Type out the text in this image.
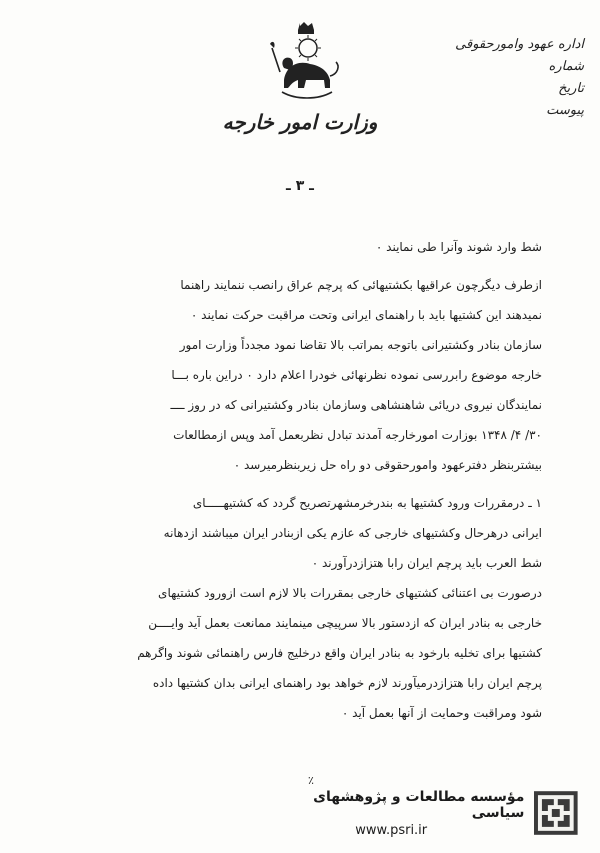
وزارت امور خارجه
اداره عهود وامورحقوقی
شماره
تاریخ
پیوست
ـ ۳ ـ
شط وارد شوند وآنرا طی نمایند ۰
ازطرف دیگرچون عراقیها بکشتیهائی که پرچم عراق رانصب ننمایند راهنما
نمیدهند این کشتیها باید با راهنمای ایرانی وتحت مراقبت حرکت نمایند ۰
سازمان بنادر وکشتیرانی باتوجه بمراتب بالا تقاضا نمود مجدداً وزارت امور
خارجه موضوع رابررسی نموده نظرنهائی خودرا اعلام دارد ۰ دراین باره بـــا
نمایندگان نیروی دریائی شاهنشاهی وسازمان بنادر وکشتیرانی که در روز ــــ
۳۰/ ۴/ ۱۳۴۸ بوزارت امورخارجه آمدند تبادل نظربعمل آمد وپس ازمطالعات
بیشتربنظر دفترعهود وامورحقوقی دو راه حل زیربنظرمیرسد ۰
۱ ـ درمقررات ورود کشتیها به بندرخرمشهرتصریح گردد که کشتیهـــــای
ایرانی درهرحال وکشتیهای خارجی که عازم یکی ازبنادر ایران میباشند ازدهانه
شط العرب باید پرچم ایران رابا هتزازدرآورند ۰
درصورت بی اعتنائی کشتیهای خارجی بمقررات بالا لازم است ازورود کشتیهای
خارجی به بنادر ایران که ازدستور بالا سرپیچی مینمایند ممانعت بعمل آید وایــــن
کشتیها برای تخلیه بارخود به بنادر ایران واقع درخلیج فارس راهنمائی شوند واگرهم
پرچم ایران رابا هتزازدرمیآورند لازم خواهد بود راهنمای ایرانی بدان کشتیها داده
شود ومراقبت وحمایت از آنها بعمل آید ۰
٪
مؤسسه مطالعات و پژوهشهای سیاسی
www.psri.ir
